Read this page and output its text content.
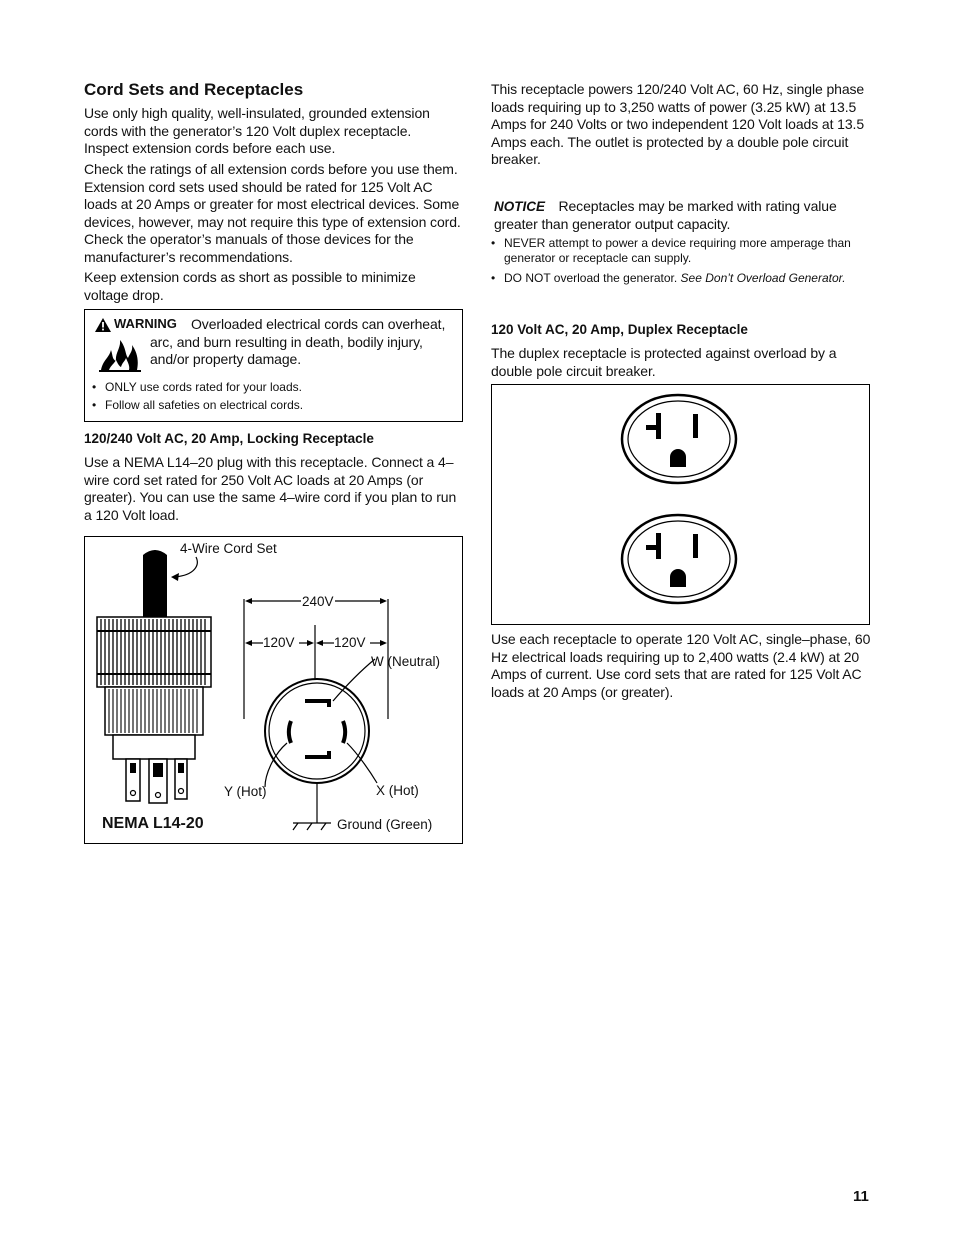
Cord Sets and Receptacles

Use only high quality, well-insulated, grounded extension cords with the generator’s 120 Volt duplex receptacle. Inspect extension cords before each use.

Check the ratings of all extension cords before you use them. Extension cord sets used should be rated for 125 Volt AC loads at 20 Amps or greater for most electrical devices. Some devices, however, may not require this type of extension cord. Check the operator’s manuals of those devices for the manufacturer’s recommendations.

Keep extension cords as short as possible to minimize voltage drop.

WARNING	Overloaded electrical cords can overheat, arc, and burn resulting in death, bodily injury, and/or property damage.

• ONLY use cords rated for your loads.
• Follow all safeties on electrical cords.
120/240 Volt AC, 20 Amp, Locking Receptacle

Use a NEMA L14–20 plug with this receptacle. Connect a 4–wire cord set rated for 250 Volt AC loads at 20 Amps (or greater). You can use the same 4–wire cord if you plan to run a 120 Volt load.

4-Wire Cord Set
240V
120V	120V
W (Neutral)
Y (Hot)	X (Hot)
Ground (Green)
NEMA L14-20

This receptacle powers 120/240 Volt AC, 60 Hz, single phase loads requiring up to 3,250 watts of power (3.25 kW) at 13.5 Amps for 240 Volts or two independent 120 Volt loads at 13.5 Amps each. The outlet is protected by a double pole circuit breaker.

NOTICE Receptacles may be marked with rating value
greater than generator output capacity.
• NEVER attempt to power a device requiring more amperage than generator or receptacle can supply.
• DO NOT overload the generator. See Don’t Overload Generator.
120 Volt AC, 20 Amp, Duplex Receptacle

The duplex receptacle is protected against overload by a double pole circuit breaker.

Use each receptacle to operate 120 Volt AC, single–phase, 60 Hz electrical loads requiring up to 2,400 watts (2.4 kW) at 20 Amps of current. Use cord sets that are rated for 125 Volt AC loads at 20 Amps (or greater).

11
